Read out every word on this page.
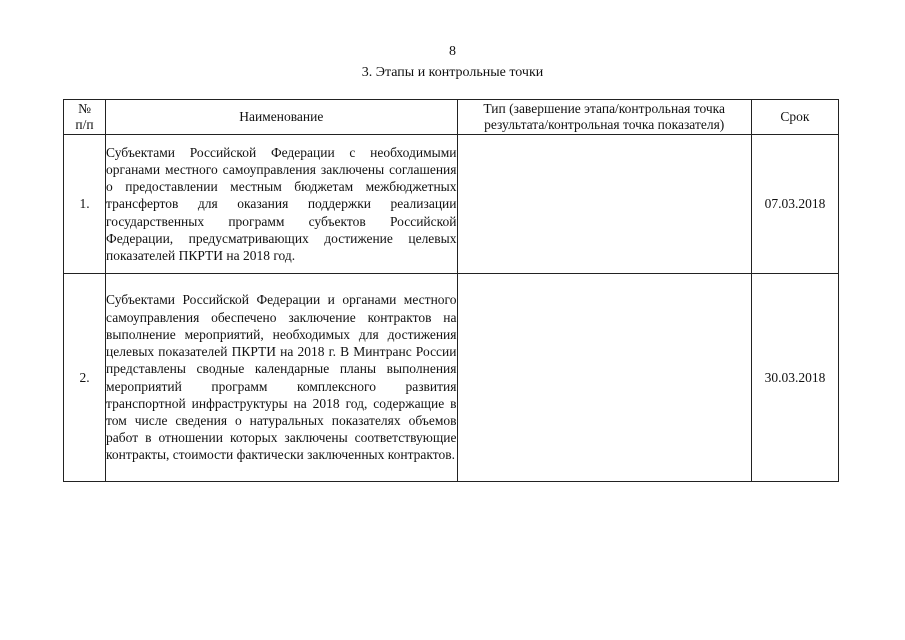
8
3. Этапы и контрольные точки
№
п/п	Наименование	Тип (завершение этапа/контрольная точка результата/контрольная точка показателя)	Срок
1.	Субъектами Российской Федерации с необходимыми органами местного самоуправления заключены соглашения о предоставлении местным бюджетам межбюджетных трансфертов для оказания поддержки реализации государственных программ субъектов Российской Федерации, предусматривающих достижение целевых показателей ПКРТИ на 2018 год.		07.03.2018
2.	Субъектами Российской Федерации и органами местного самоуправления обеспечено заключение контрактов на выполнение мероприятий, необходимых для достижения целевых показателей ПКРТИ на 2018 г. В Минтранс России представлены сводные календарные планы выполнения мероприятий программ комплексного развития транспортной инфраструктуры на 2018 год, содержащие в том числе сведения о натуральных показателях объемов работ в отношении которых заключены соответствующие контракты, стоимости фактически заключенных контрактов.		30.03.2018
